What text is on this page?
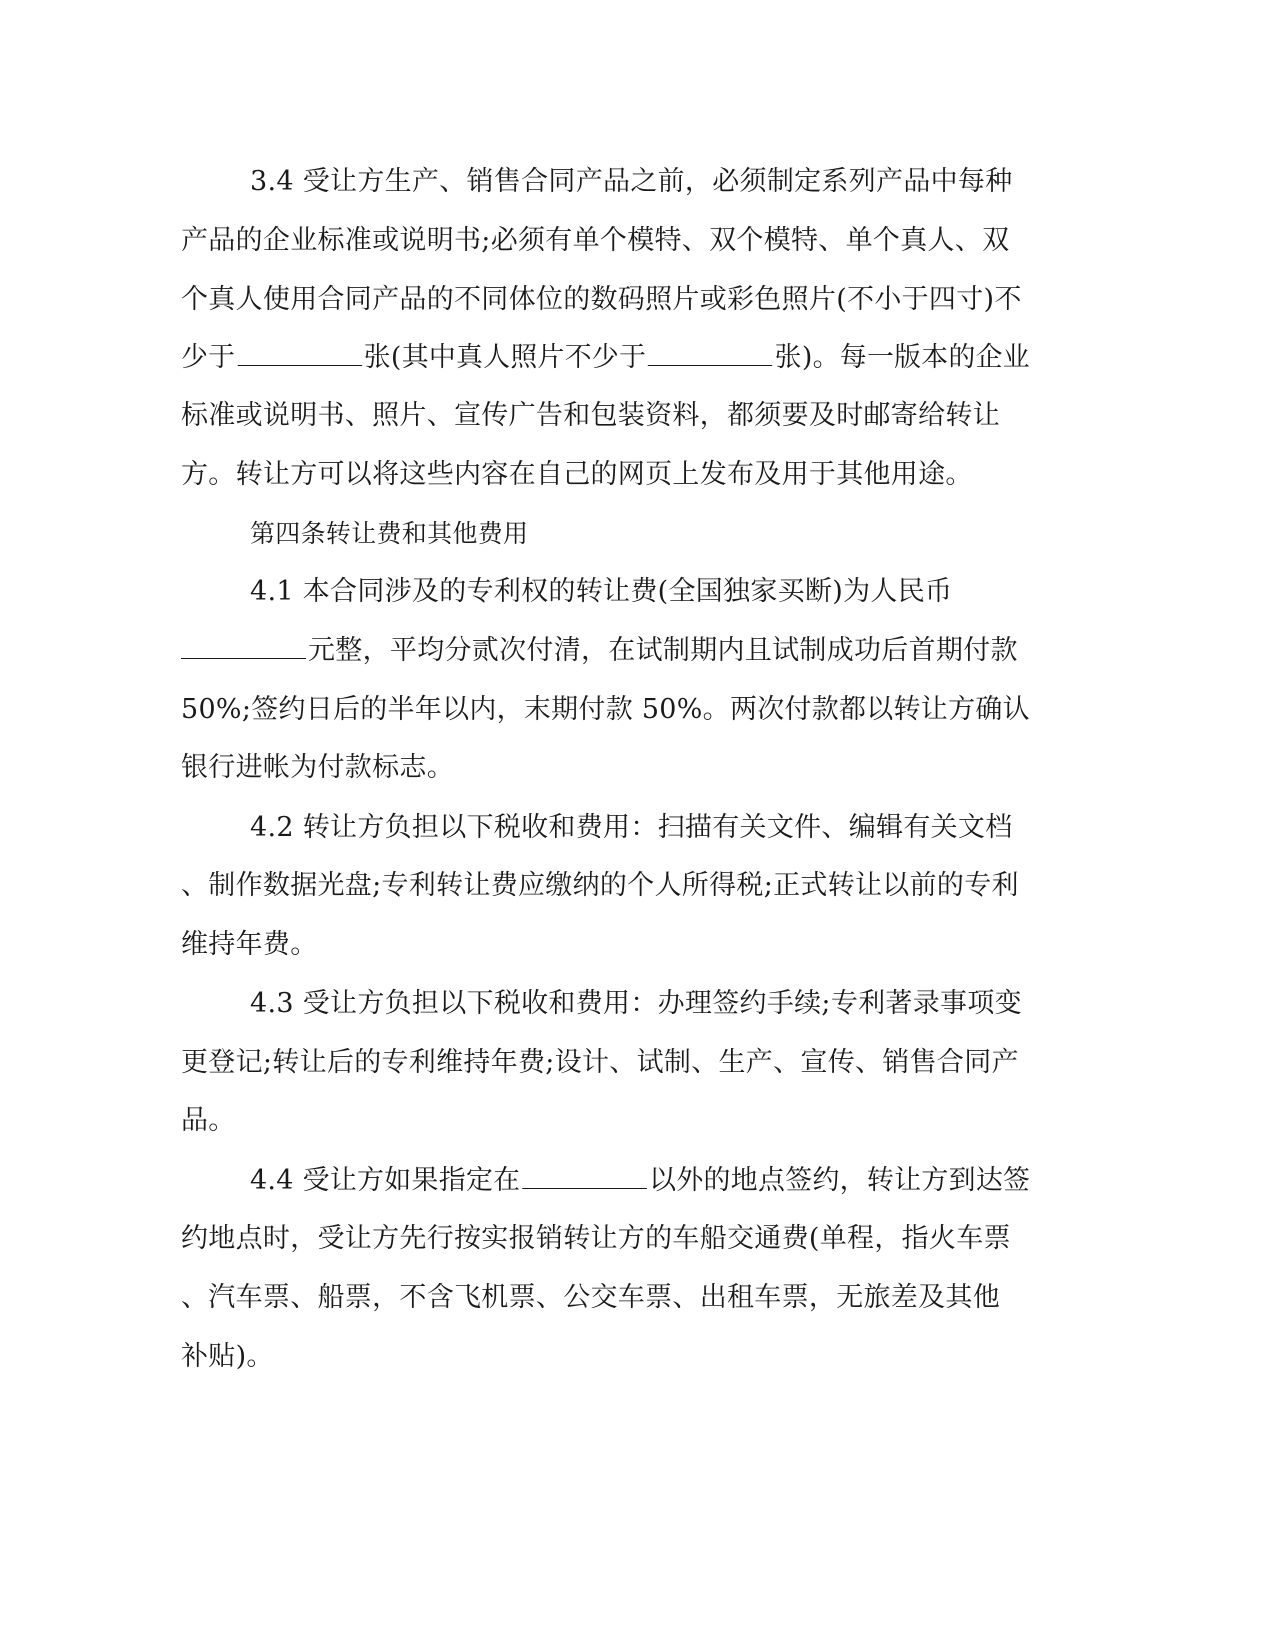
3.4 受让方生产、销售合同产品之前，必须制定系列产品中每种
产品的企业标准或说明书;必须有单个模特、双个模特、单个真人、双
个真人使用合同产品的不同体位的数码照片或彩色照片(不小于四寸)不
少于	张(其中真人照片不少于	张)。每一版本的企业
标准或说明书、照片、宣传广告和包装资料，都须要及时邮寄给转让
方。转让方可以将这些内容在自己的网页上发布及用于其他用途。
第四条转让费和其他费用
4.1 本合同涉及的专利权的转让费(全国独家买断)为人民币
元整，平均分贰次付清，在试制期内且试制成功后首期付款
50%;签约日后的半年以内，末期付款 50%。两次付款都以转让方确认
银行进帐为付款标志。
4.2 转让方负担以下税收和费用：扫描有关文件、编辑有关文档
、制作数据光盘;专利转让费应缴纳的个人所得税;正式转让以前的专利
维持年费。
4.3 受让方负担以下税收和费用：办理签约手续;专利著录事项变
更登记;转让后的专利维持年费;设计、试制、生产、宣传、销售合同产
品。
4.4 受让方如果指定在	以外的地点签约，转让方到达签
约地点时，受让方先行按实报销转让方的车船交通费(单程，指火车票
、汽车票、船票，不含飞机票、公交车票、出租车票，无旅差及其他
补贴)。
